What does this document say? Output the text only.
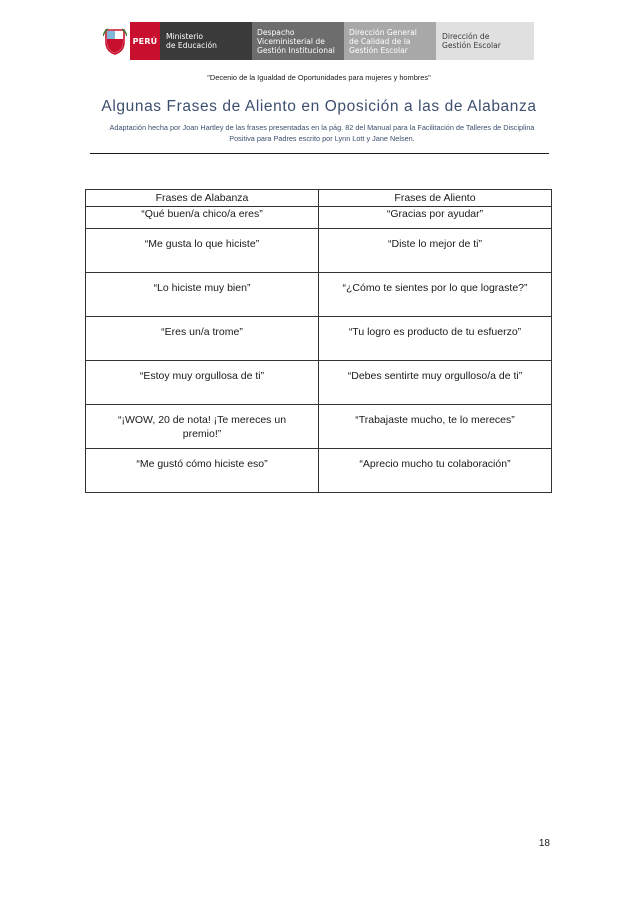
PERÚ	Ministerio
de Educación
Despacho
Viceministerial de
Gestión Institucional
Dirección General
de Calidad de la
Gestión Escolar
Dirección de
Gestión Escolar
"Decenio de la Igualdad de Oportunidades para mujeres y hombres"
Algunas Frases de Aliento en Oposición a las de Alabanza
Adaptación hecha por Joan Hartley de las frases presentadas en la pág. 82 del Manual para la Facilitación de Talleres de Disciplina Positiva para Padres escrito por Lynn Lott y Jane Nelsen.
Frases de Alabanza	Frases de Aliento
“Qué buen/a chico/a eres”	“Gracias por ayudar”
“Me gusta lo que hiciste”	“Diste lo mejor de ti”
“Lo hiciste muy bien”	“¿Cómo te sientes por lo que lograste?”
“Eres un/a trome”	“Tu logro es producto de tu esfuerzo”
“Estoy muy orgullosa de ti”	“Debes sentirte muy orgulloso/a de ti”
“¡WOW, 20 de nota! ¡Te mereces un premio!”	“Trabajaste mucho, te lo mereces”
“Me gustó cómo hiciste eso”	“Aprecio mucho tu colaboración”
18
